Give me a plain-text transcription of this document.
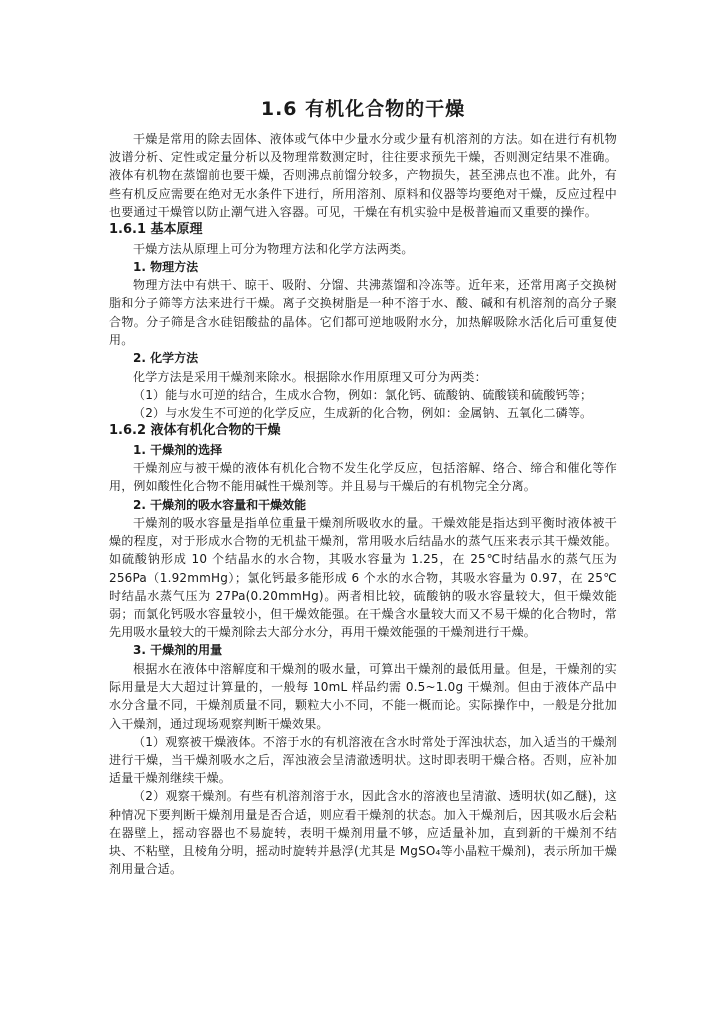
1.6 有机化合物的干燥

干燥是常用的除去固体、液体或气体中少量水分或少量有机溶剂的方法。如在进行有机物波谱分析、定性或定量分析以及物理常数测定时，往往要求预先干燥，否则测定结果不准确。液体有机物在蒸馏前也要干燥，否则沸点前馏分较多，产物损失，甚至沸点也不准。此外，有些有机反应需要在绝对无水条件下进行，所用溶剂、原料和仪器等均要绝对干燥，反应过程中也要通过干燥管以防止潮气进入容器。可见，干燥在有机实验中是极普遍而又重要的操作。

1.6.1 基本原理

干燥方法从原理上可分为物理方法和化学方法两类。

1. 物理方法

物理方法中有烘干、晾干、吸附、分馏、共沸蒸馏和冷冻等。近年来，还常用离子交换树脂和分子筛等方法来进行干燥。离子交换树脂是一种不溶于水、酸、碱和有机溶剂的高分子聚合物。分子筛是含水硅铝酸盐的晶体。它们都可逆地吸附水分，加热解吸除水活化后可重复使用。

2. 化学方法

化学方法是采用干燥剂来除水。根据除水作用原理又可分为两类：

（1）能与水可逆的结合，生成水合物，例如：氯化钙、硫酸钠、硫酸镁和硫酸钙等；

（2）与水发生不可逆的化学反应，生成新的化合物，例如：金属钠、五氧化二磷等。

1.6.2 液体有机化合物的干燥
1. 干燥剂的选择

干燥剂应与被干燥的液体有机化合物不发生化学反应，包括溶解、络合、缔合和催化等作用，例如酸性化合物不能用碱性干燥剂等。并且易与干燥后的有机物完全分离。

2. 干燥剂的吸水容量和干燥效能

干燥剂的吸水容量是指单位重量干燥剂所吸收水的量。干燥效能是指达到平衡时液体被干燥的程度，对于形成水合物的无机盐干燥剂，常用吸水后结晶水的蒸气压来表示其干燥效能。如硫酸钠形成 10 个结晶水的水合物，其吸水容量为 1.25，在 25℃时结晶水的蒸气压为 256Pa（1.92mmHg）；氯化钙最多能形成 6 个水的水合物，其吸水容量为 0.97，在 25℃时结晶水蒸气压为 27Pa(0.20mmHg)。两者相比较，硫酸钠的吸水容量较大，但干燥效能弱；而氯化钙吸水容量较小，但干燥效能强。在干燥含水量较大而又不易干燥的化合物时，常先用吸水量较大的干燥剂除去大部分水分，再用干燥效能强的干燥剂进行干燥。

3. 干燥剂的用量

根据水在液体中溶解度和干燥剂的吸水量，可算出干燥剂的最低用量。但是，干燥剂的实际用量是大大超过计算量的，一般每 10mL 样品约需 0.5~1.0g 干燥剂。但由于液体产品中水分含量不同，干燥剂质量不同，颗粒大小不同，不能一概而论。实际操作中，一般是分批加入干燥剂，通过现场观察判断干燥效果。

（1）观察被干燥液体。不溶于水的有机溶液在含水时常处于浑浊状态，加入适当的干燥剂进行干燥，当干燥剂吸水之后，浑浊液会呈清澈透明状。这时即表明干燥合格。否则，应补加适量干燥剂继续干燥。

（2）观察干燥剂。有些有机溶剂溶于水，因此含水的溶液也呈清澈、透明状(如乙醚)，这种情况下要判断干燥剂用量是否合适，则应看干燥剂的状态。加入干燥剂后，因其吸水后会粘在器壁上，摇动容器也不易旋转，表明干燥剂用量不够，应适量补加，直到新的干燥剂不结块、不粘壁，且棱角分明，摇动时旋转并悬浮(尤其是 MgSO₄等小晶粒干燥剂)，表示所加干燥剂用量合适。
